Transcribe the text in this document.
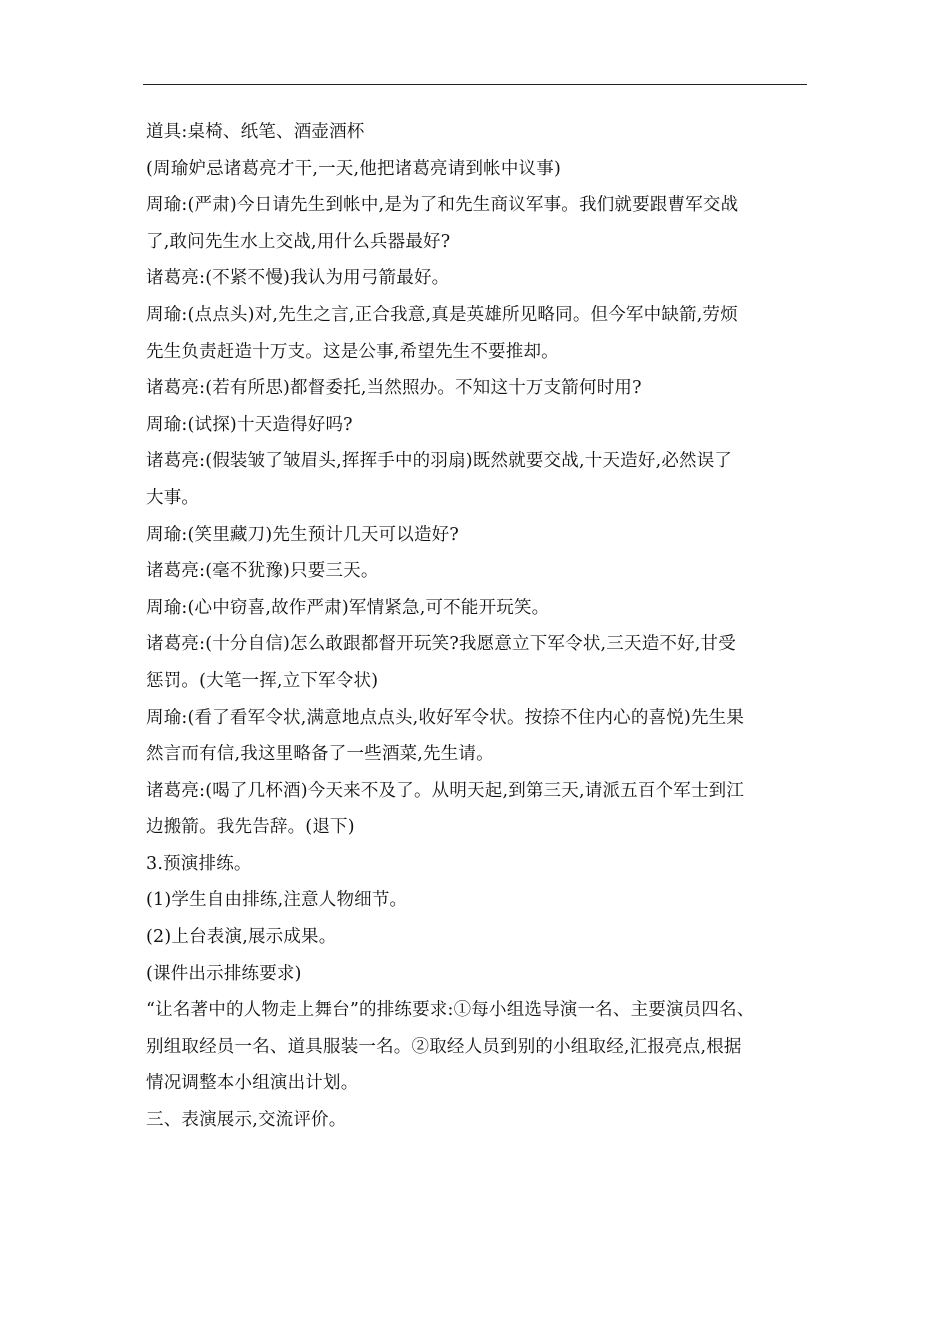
道具:桌椅、纸笔、酒壶酒杯
(周瑜妒忌诸葛亮才干,一天,他把诸葛亮请到帐中议事)
周瑜:(严肃)今日请先生到帐中,是为了和先生商议军事。我们就要跟曹军交战
了,敢问先生水上交战,用什么兵器最好?
诸葛亮:(不紧不慢)我认为用弓箭最好。
周瑜:(点点头)对,先生之言,正合我意,真是英雄所见略同。但今军中缺箭,劳烦
先生负责赶造十万支。这是公事,希望先生不要推却。
诸葛亮:(若有所思)都督委托,当然照办。不知这十万支箭何时用?
周瑜:(试探)十天造得好吗?
诸葛亮:(假装皱了皱眉头,挥挥手中的羽扇)既然就要交战,十天造好,必然误了
大事。
周瑜:(笑里藏刀)先生预计几天可以造好?
诸葛亮:(毫不犹豫)只要三天。
周瑜:(心中窃喜,故作严肃)军情紧急,可不能开玩笑。
诸葛亮:(十分自信)怎么敢跟都督开玩笑?我愿意立下军令状,三天造不好,甘受
惩罚。(大笔一挥,立下军令状)
周瑜:(看了看军令状,满意地点点头,收好军令状。按捺不住内心的喜悦)先生果
然言而有信,我这里略备了一些酒菜,先生请。
诸葛亮:(喝了几杯酒)今天来不及了。从明天起,到第三天,请派五百个军士到江
边搬箭。我先告辞。(退下)
3.预演排练。
(1)学生自由排练,注意人物细节。
(2)上台表演,展示成果。
(课件出示排练要求)
“让名著中的人物走上舞台”的排练要求:①每小组选导演一名、主要演员四名、
别组取经员一名、道具服装一名。②取经人员到别的小组取经,汇报亮点,根据
情况调整本小组演出计划。
三、表演展示,交流评价。
